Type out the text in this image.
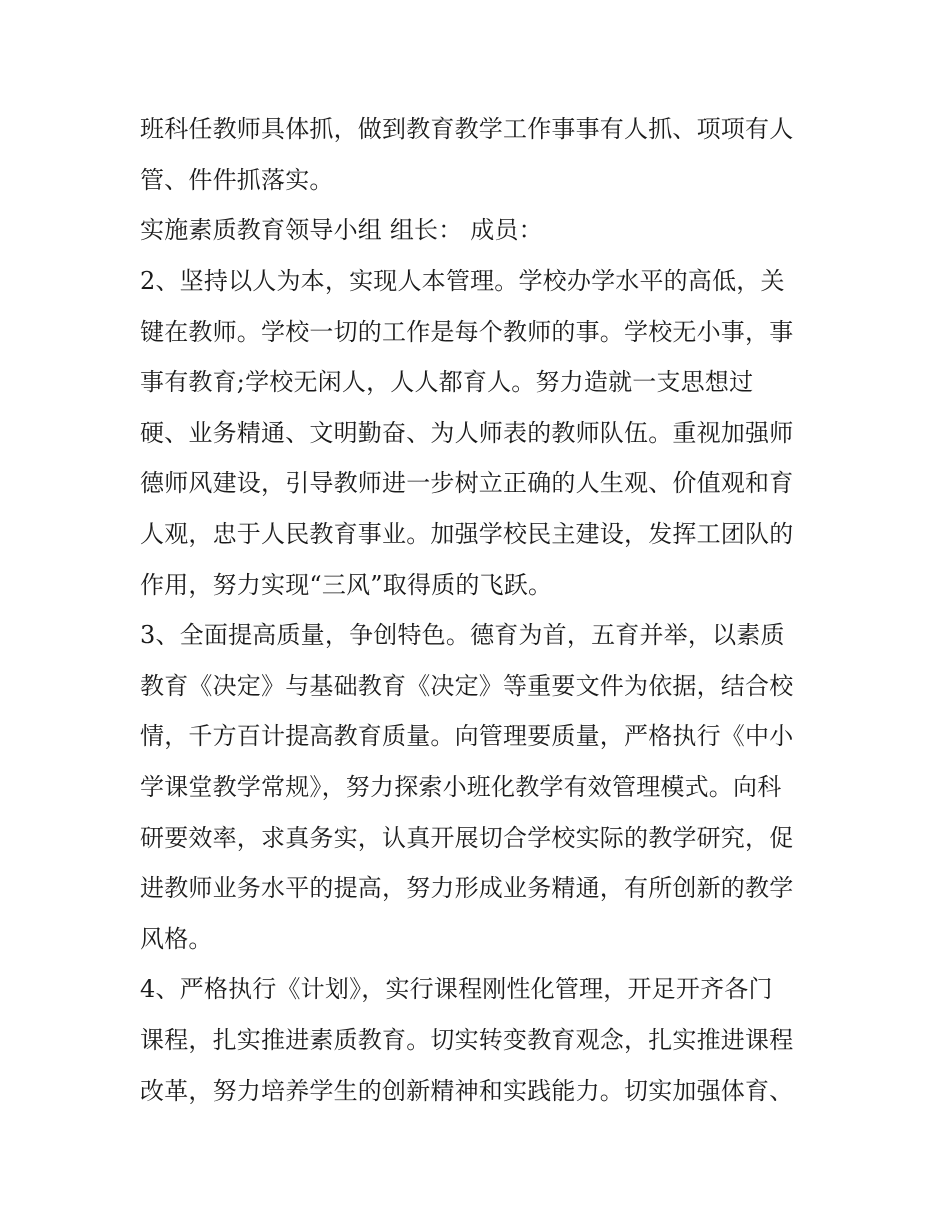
班科任教师具体抓，做到教育教学工作事事有人抓、项项有人
管、件件抓落实。
实施素质教育领导小组 组长： 成员：
2、坚持以人为本，实现人本管理。学校办学水平的高低，关
键在教师。学校一切的工作是每个教师的事。学校无小事，事
事有教育;学校无闲人，人人都育人。努力造就一支思想过
硬、业务精通、文明勤奋、为人师表的教师队伍。重视加强师
德师风建设，引导教师进一步树立正确的人生观、价值观和育
人观，忠于人民教育事业。加强学校民主建设，发挥工团队的
作用，努力实现“三风”取得质的飞跃。
3、全面提高质量，争创特色。德育为首，五育并举，以素质
教育《决定》与基础教育《决定》等重要文件为依据，结合校
情，千方百计提高教育质量。向管理要质量，严格执行《中小
学课堂教学常规》，努力探索小班化教学有效管理模式。向科
研要效率，求真务实，认真开展切合学校实际的教学研究，促
进教师业务水平的提高，努力形成业务精通，有所创新的教学
风格。
4、严格执行《计划》，实行课程刚性化管理，开足开齐各门
课程，扎实推进素质教育。切实转变教育观念，扎实推进课程
改革，努力培养学生的创新精神和实践能力。切实加强体育、
